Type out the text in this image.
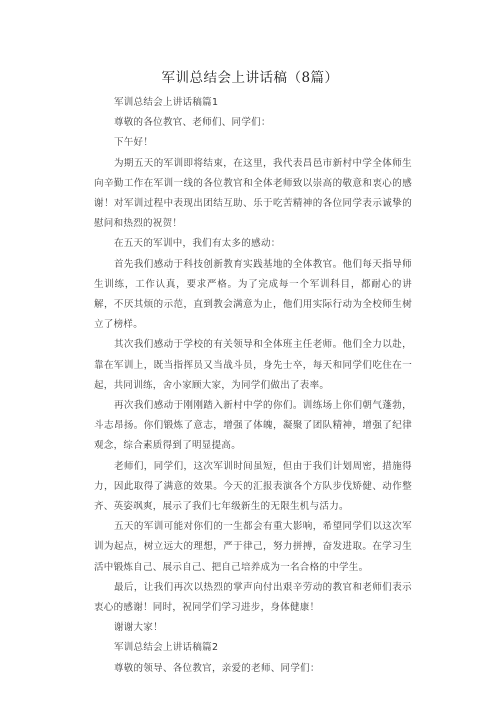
军训总结会上讲话稿（8篇）

军训总结会上讲话稿篇1

尊敬的各位教官、老师们、同学们：

下午好！

为期五天的军训即将结束，在这里，我代表昌邑市新村中学全体师生向辛勤工作在军训一线的各位教官和全体老师致以崇高的敬意和衷心的感谢！对军训过程中表现出团结互助、乐于吃苦精神的各位同学表示诚挚的慰问和热烈的祝贺！

在五天的军训中，我们有太多的感动：

首先我们感动于科技创新教育实践基地的全体教官。他们每天指导师生训练，工作认真，要求严格。为了完成每一个军训科目，都耐心的讲解，不厌其烦的示范，直到教会满意为止，他们用实际行动为全校师生树立了榜样。

其次我们感动于学校的有关领导和全体班主任老师。他们全力以赴，靠在军训上，既当指挥员又当战斗员，身先士卒，每天和同学们吃住在一起，共同训练，舍小家顾大家，为同学们做出了表率。

再次我们感动于刚刚踏入新村中学的你们。训练场上你们朝气蓬勃，斗志昂扬。你们锻炼了意志，增强了体魄，凝聚了团队精神，增强了纪律观念，综合素质得到了明显提高。

老师们，同学们，这次军训时间虽短，但由于我们计划周密，措施得力，因此取得了满意的效果。今天的汇报表演各个方队步伐矫健、动作整齐、英姿飒爽，展示了我们七年级新生的无限生机与活力。

五天的军训可能对你们的一生都会有重大影响，希望同学们以这次军训为起点，树立远大的理想，严于律己，努力拼搏，奋发进取。在学习生活中锻炼自己、展示自己、把自己培养成为一名合格的中学生。

最后，让我们再次以热烈的掌声向付出艰辛劳动的教官和老师们表示衷心的感谢！同时，祝同学们学习进步，身体健康！

谢谢大家！

军训总结会上讲话稿篇2

尊敬的领导、各位教官，亲爱的老师、同学们：
